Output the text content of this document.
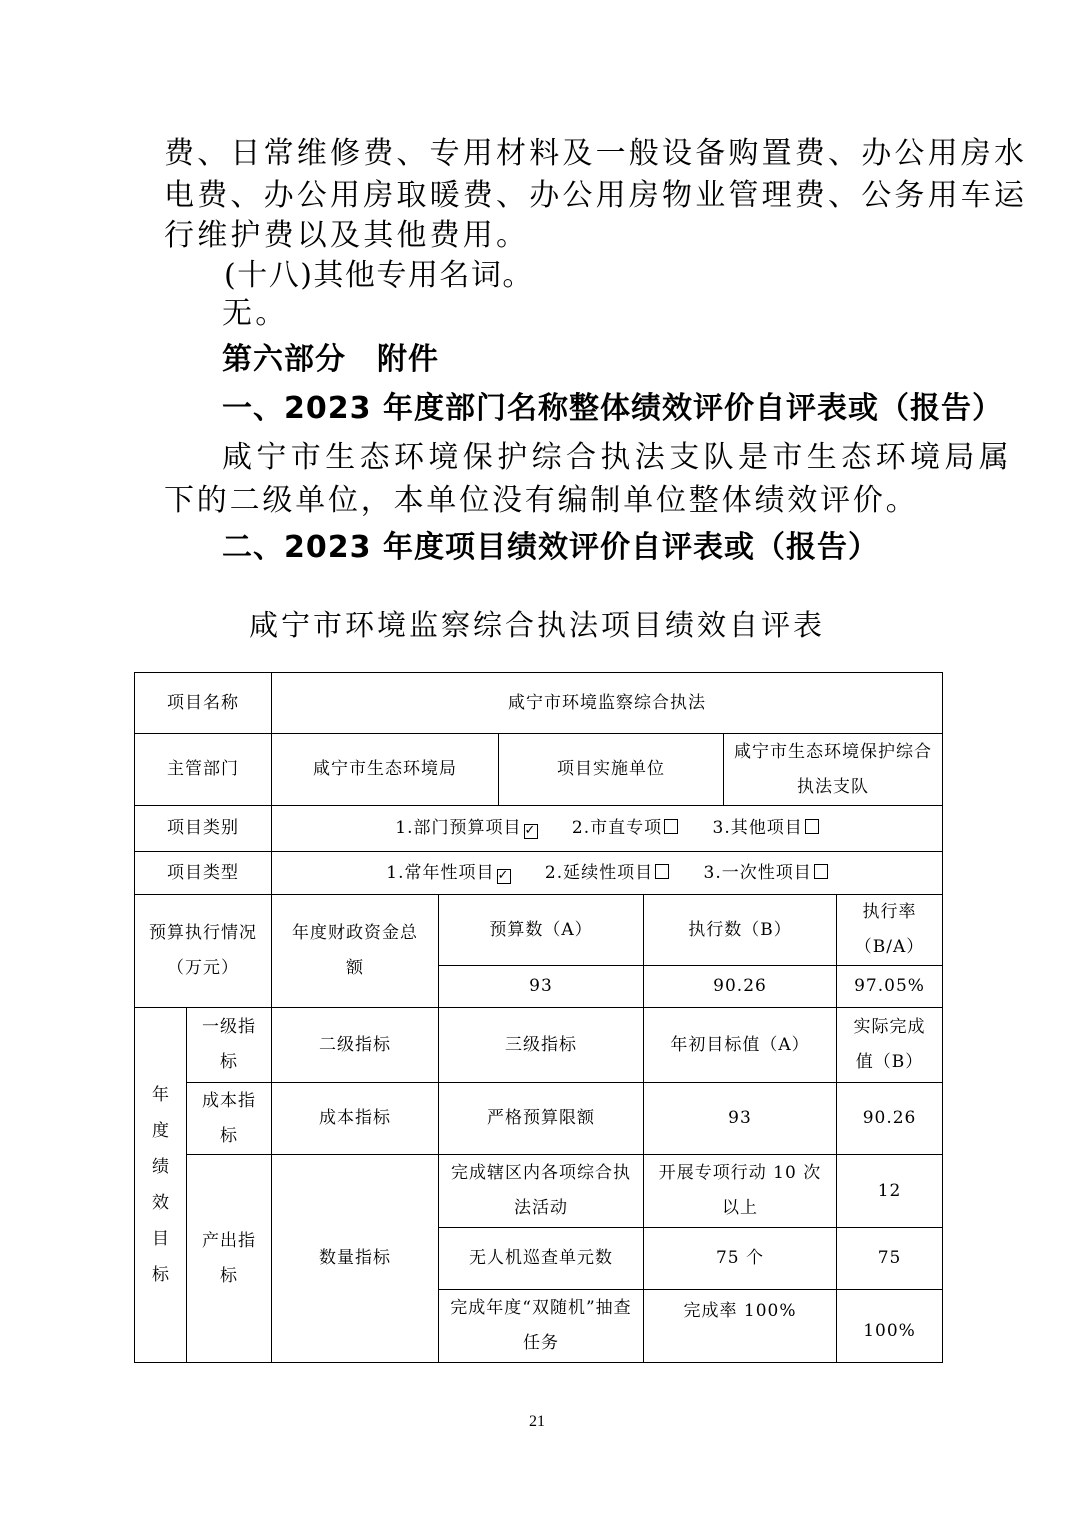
费、日常维修费、专用材料及一般设备购置费、办公用房水
电费、办公用房取暖费、办公用房物业管理费、公务用车运
行维护费以及其他费用。
(十八)其他专用名词。
无。
第六部分　附件
一、2023 年度部门名称整体绩效评价自评表或（报告）
咸宁市生态环境保护综合执法支队是市生态环境局属
下的二级单位，本单位没有编制单位整体绩效评价。
二、2023 年度项目绩效评价自评表或（报告）
咸宁市环境监察综合执法项目绩效自评表
项目名称		咸宁市环境监察综合执法					
主管部门		咸宁市生态环境局		项目实施单位		咸宁市生态环境保护综合执法支队	
项目类别		1.部门预算项目 ✓ 2.市直专项 3.其他项目					
项目类型		1.常年性项目 ✓ 2.延续性项目 3.一次性项目					
预算执行情况（万元）		年度财政资金总额	预算数（A）		执行数（B）		执行率（B/A）
			93		90.26		97.05%

年度绩效目标	一级指标	二级指标	三级指标		年初目标值（A）		实际完成值（B）
	成本指标	成本指标	严格预算限额		93		90.26
	产出指标	数量指标	完成辖区内各项综合执法活动		开展专项行动 10 次以上		12
			无人机巡查单元数		75 个		75
			完成年度“双随机”抽查任务		完成率 100%		100%
21
